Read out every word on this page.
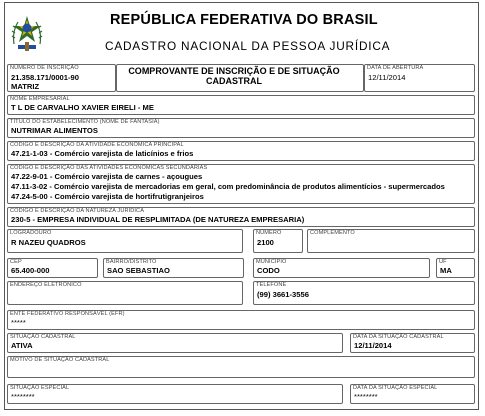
REPÚBLICA FEDERATIVA DO BRASIL
CADASTRO NACIONAL DA PESSOA JURÍDICA
NÚMERO DE INSCRIÇÃO
21.358.171/0001-90
MATRIZ
COMPROVANTE DE INSCRIÇÃO E DE SITUAÇÃO
CADASTRAL
DATA DE ABERTURA
12/11/2014
NOME EMPRESARIAL
T L DE CARVALHO XAVIER EIRELI - ME
TÍTULO DO ESTABELECIMENTO (NOME DE FANTASIA)
NUTRIMAR ALIMENTOS
CÓDIGO E DESCRIÇÃO DA ATIVIDADE ECONÔMICA PRINCIPAL
47.21-1-03 - Comércio varejista de laticínios e frios
CÓDIGO E DESCRIÇÃO DAS ATIVIDADES ECONÔMICAS SECUNDÁRIAS
47.22-9-01 - Comércio varejista de carnes - açougues
47.11-3-02 - Comércio varejista de mercadorias em geral, com predominância de produtos alimentícios - supermercados
47.24-5-00 - Comércio varejista de hortifrutigranjeiros
CÓDIGO E DESCRIÇÃO DA NATUREZA JURÍDICA
230-5 - EMPRESA INDIVIDUAL DE RESPLIMITADA (DE NATUREZA EMPRESARIA)
LOGRADOURO
R NAZEU QUADROS
NÚMERO
2100
COMPLEMENTO
CEP
65.400-000
BAIRRO/DISTRITO
SAO SEBASTIAO
MUNICÍPIO
CODO
UF
MA
ENDEREÇO ELETRÔNICO	TELEFONE
(99) 3661-3556
ENTE FEDERATIVO RESPONSÁVEL (EFR)
*****
SITUAÇÃO CADASTRAL
ATIVA
DATA DA SITUAÇÃO CADASTRAL
12/11/2014
MOTIVO DE SITUAÇÃO CADASTRAL
SITUAÇÃO ESPECIAL
********
DATA DA SITUAÇÃO ESPECIAL
********
